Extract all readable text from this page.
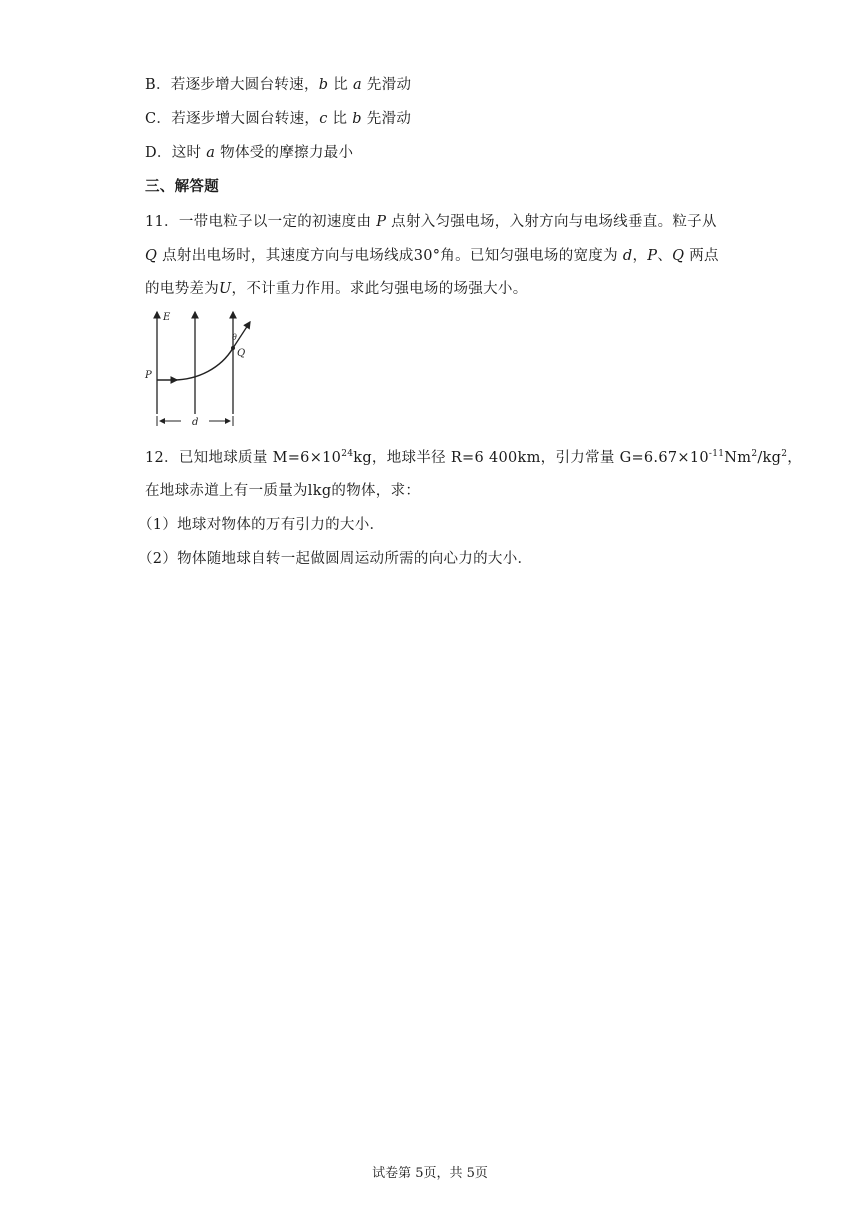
B．若逐步增大圆台转速，b 比 a 先滑动
C．若逐步增大圆台转速，c 比 b 先滑动
D．这时 a 物体受的摩擦力最小
三、解答题
11．一带电粒子以一定的初速度由 P 点射入匀强电场，入射方向与电场线垂直。粒子从
Q 点射出电场时，其速度方向与电场线成30°角。已知匀强电场的宽度为 d，P、Q 两点
的电势差为U，不计重力作用。求此匀强电场的场强大小。
E
P
Q
θ
d
12．已知地球质量 $M=6\times 10^{24}kg$，地球半径 R=6 400km，引力常量 $G=6.67\times 10^{-11}Nm^2/kg^2$，
在地球赤道上有一质量为lkg的物体，求：
（1）地球对物体的万有引力的大小．
（2）物体随地球自转一起做圆周运动所需的向心力的大小．
试卷第 5页，共 5页
